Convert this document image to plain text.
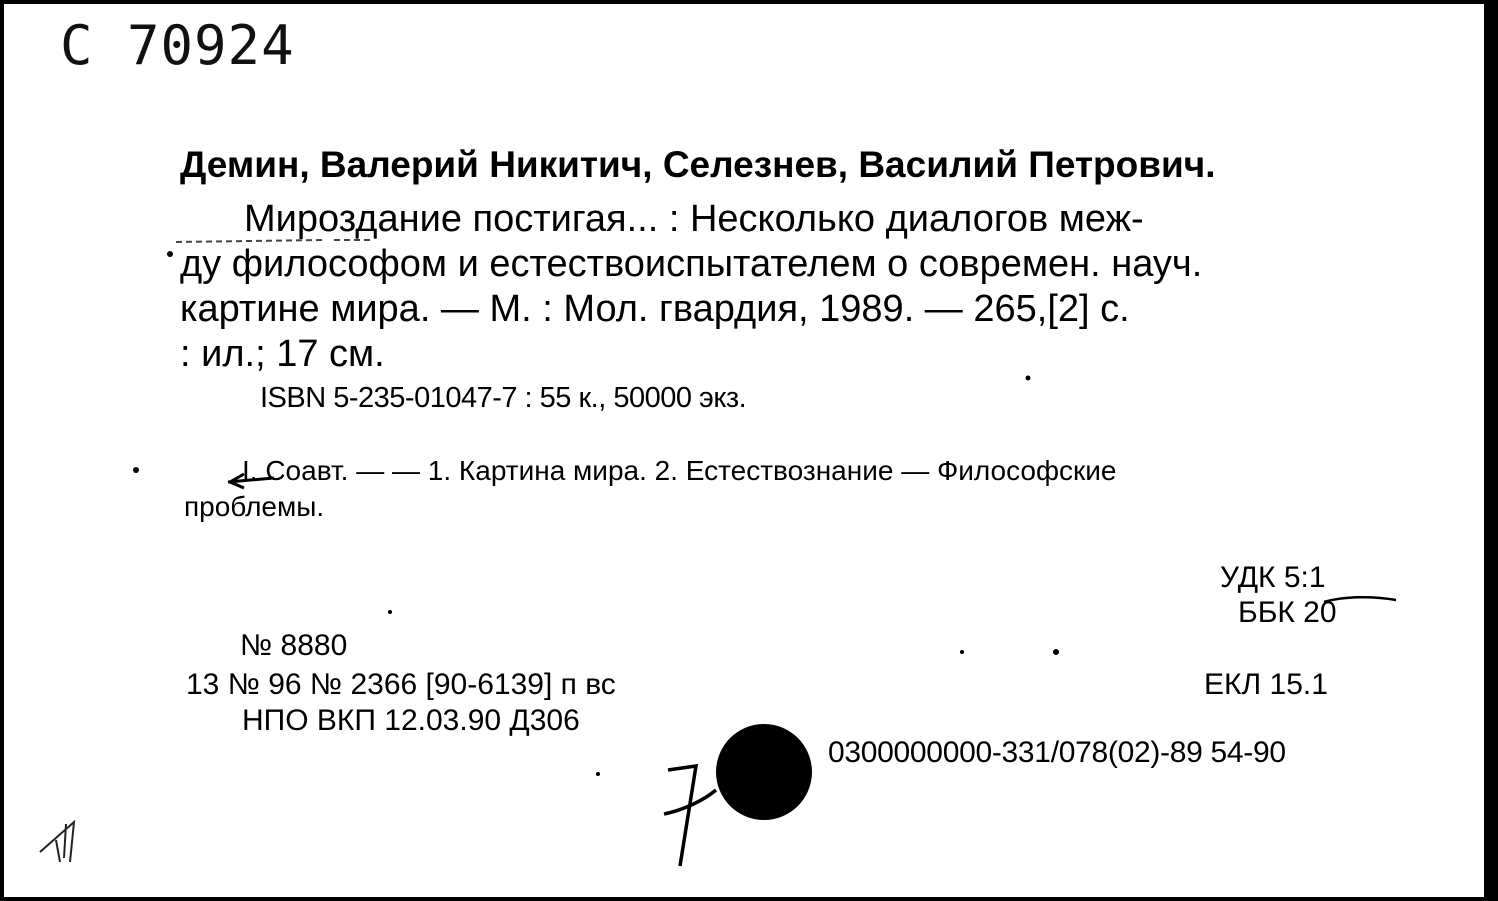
С 70924
Демин, Валерий Никитич, Селезнев, Василий Петрович.
Мироздание постигая... : Несколько диалогов меж-
ду философом и естествоиспытателем о современ. науч.
картине мира. — М. : Мол. гвардия, 1989. — 265,[2] с.
: ил.; 17 см.
ISBN 5-235-01047-7 : 55 к., 50000 экз.
I. Соавт. — — 1. Картина мира. 2. Естествознание — Философские
проблемы.
УДК 5:1
ББК 20
№ 8880
13 № 96 № 2366 [90-6139] п вс
НПО ВКП 12.03.90 Д306
ЕКЛ 15.1
0300000000-331/078(02)-89 54-90
